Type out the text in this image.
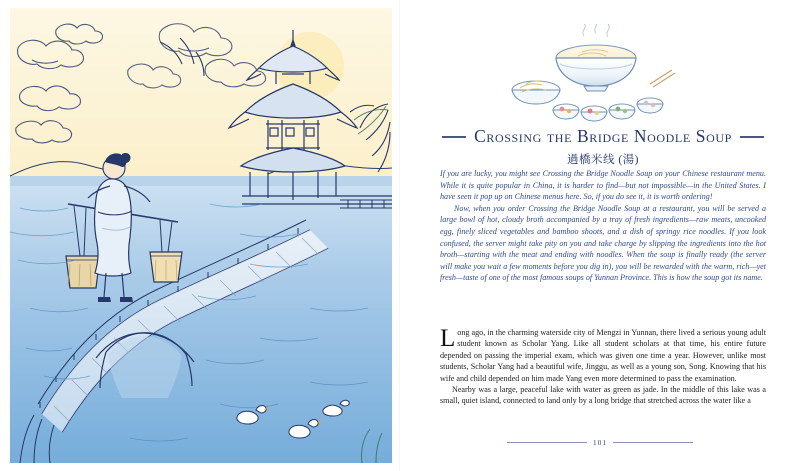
Crossing the Bridge Noodle Soup
過橋米线 (湯)

If you are lucky, you might see Crossing the Bridge Noodle Soup on your Chinese restaurant menu. While it is quite popular in China, it is harder to find—but not impossible—in the United States. I have seen it pop up on Chinese menus here. So, if you do see it, it is worth ordering!

Now, when you order Crossing the Bridge Noodle Soup at a restaurant, you will be served a large bowl of hot, cloudy broth accompanied by a tray of fresh ingredients—raw meats, uncooked egg, finely sliced vegetables and bamboo shoots, and a dish of springy rice noodles. If you look confused, the server might take pity on you and take charge by slipping the ingredients into the hot broth—starting with the meat and ending with noodles. When the soup is finally ready (the server will make you wait a few moments before you dig in), you will be rewarded with the warm, rich—yet fresh—taste of one of the most famous soups of Yunnan Province. This is how the soup got its name.

Long ago, in the charming waterside city of Mengzi in Yunnan, there lived a serious young adult student known as Scholar Yang. Like all student scholars at that time, his entire future depended on passing the imperial exam, which was given one time a year. However, unlike most students, Scholar Yang had a beautiful wife, Jinggu, as well as a young son, Song. Knowing that his wife and child depended on him made Yang even more determined to pass the examination.

Nearby was a large, peaceful lake with water as green as jade. In the middle of this lake was a small, quiet island, connected to land only by a long bridge that stretched across the water like a

101
